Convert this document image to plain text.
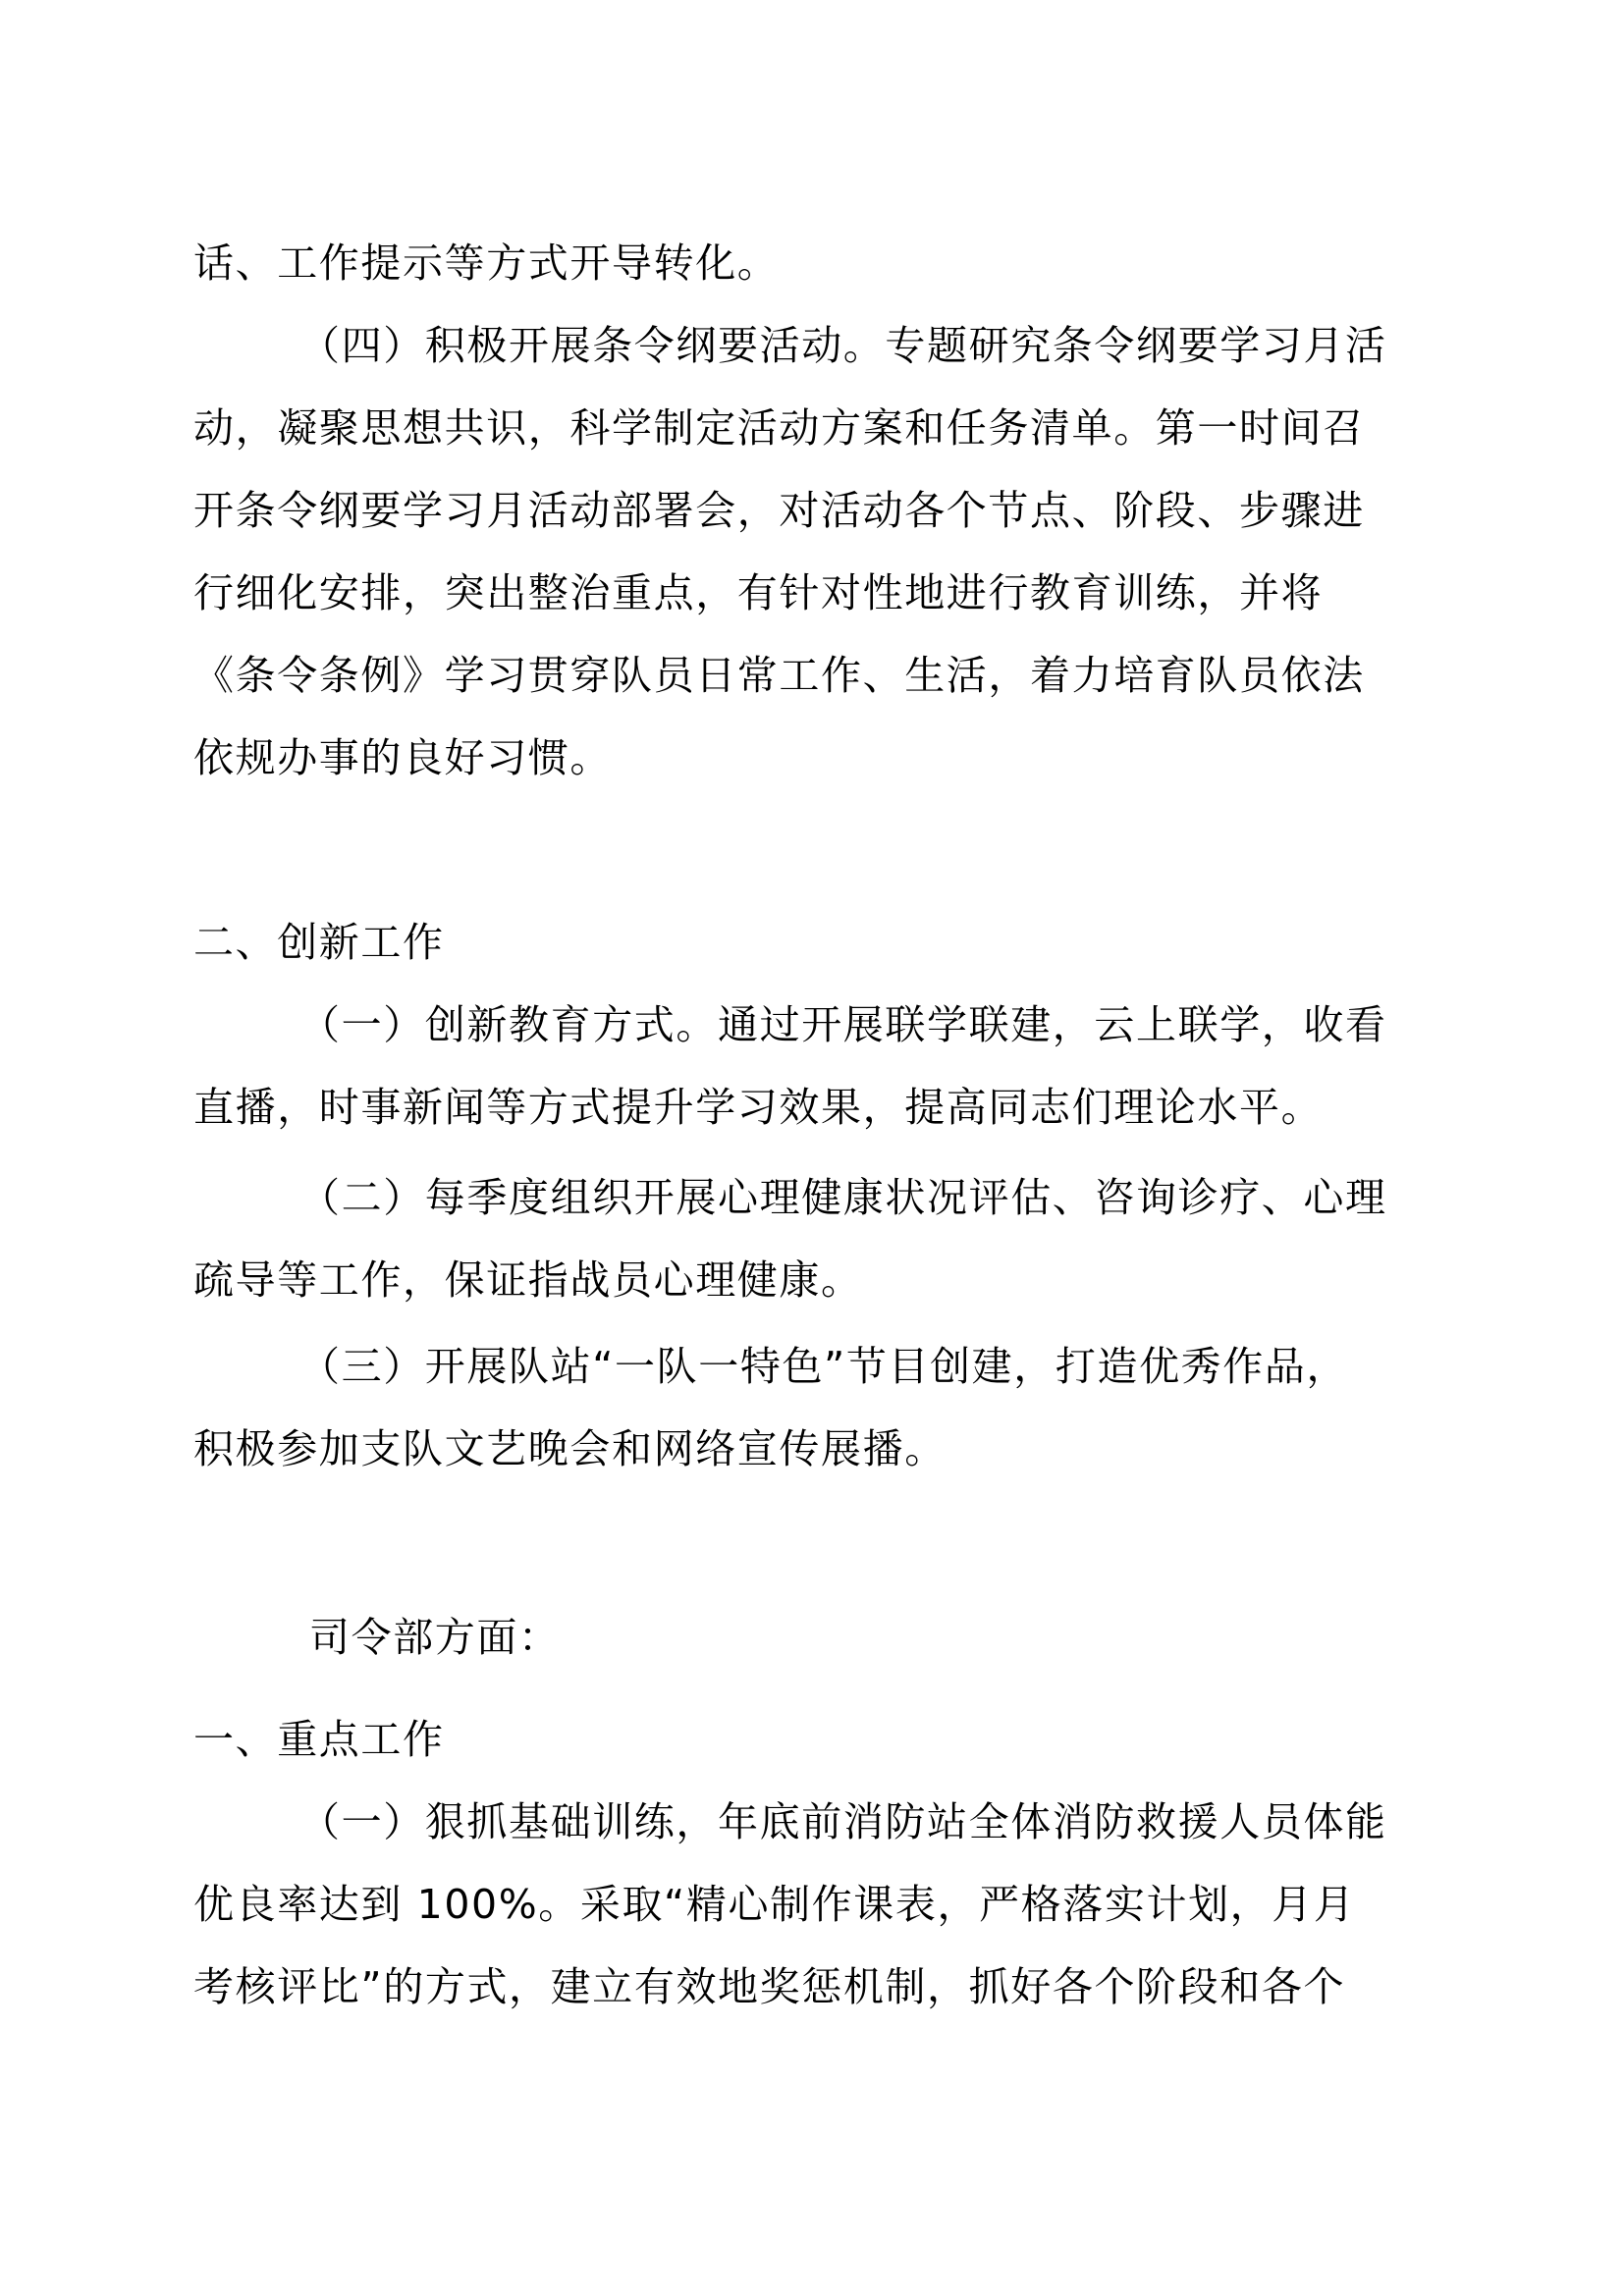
话、工作提示等方式开导转化。
（四）积极开展条令纲要活动。专题研究条令纲要学习月活
动，凝聚思想共识，科学制定活动方案和任务清单。第一时间召
开条令纲要学习月活动部署会，对活动各个节点、阶段、步骤进
行细化安排，突出整治重点，有针对性地进行教育训练，并将
《条令条例》学习贯穿队员日常工作、生活，着力培育队员依法
依规办事的良好习惯。
二、创新工作
（一）创新教育方式。通过开展联学联建，云上联学，收看
直播，时事新闻等方式提升学习效果，提高同志们理论水平。
（二）每季度组织开展心理健康状况评估、咨询诊疗、心理
疏导等工作，保证指战员心理健康。
（三）开展队站“一队一特色”节目创建，打造优秀作品，
积极参加支队文艺晚会和网络宣传展播。
司令部方面：
一、重点工作
（一）狠抓基础训练，年底前消防站全体消防救援人员体能
优良率达到 100%。采取“精心制作课表，严格落实计划，月月
考核评比”的方式，建立有效地奖惩机制，抓好各个阶段和各个
